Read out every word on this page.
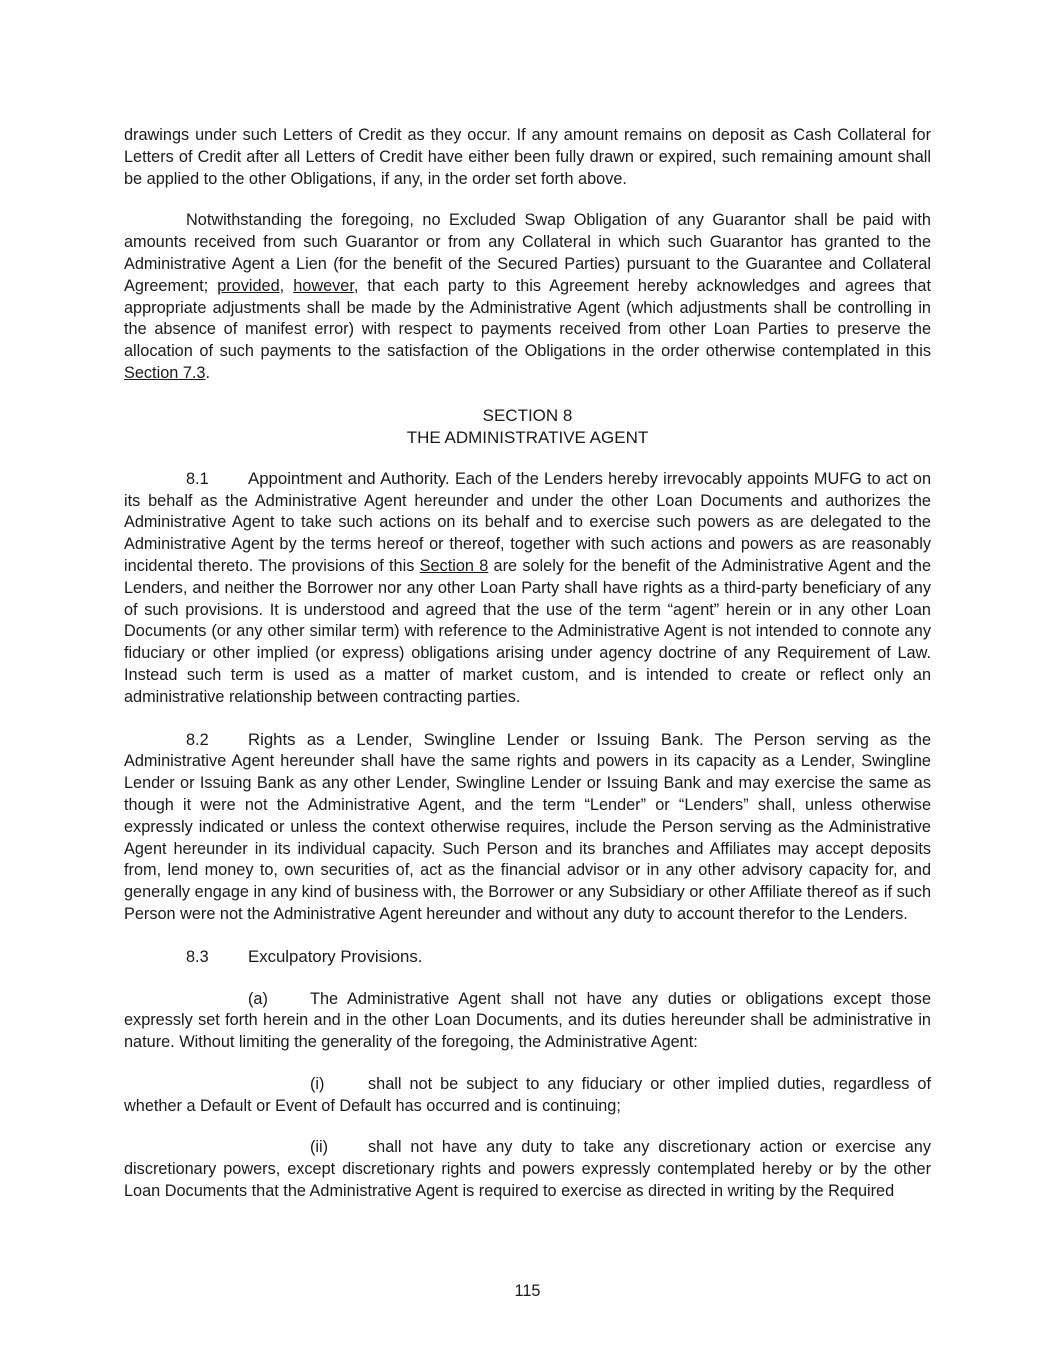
drawings under such Letters of Credit as they occur. If any amount remains on deposit as Cash Collateral for Letters of Credit after all Letters of Credit have either been fully drawn or expired, such remaining amount shall be applied to the other Obligations, if any, in the order set forth above.

Notwithstanding the foregoing, no Excluded Swap Obligation of any Guarantor shall be paid with amounts received from such Guarantor or from any Collateral in which such Guarantor has granted to the Administrative Agent a Lien (for the benefit of the Secured Parties) pursuant to the Guarantee and Collateral Agreement; provided, however, that each party to this Agreement hereby acknowledges and agrees that appropriate adjustments shall be made by the Administrative Agent (which adjustments shall be controlling in the absence of manifest error) with respect to payments received from other Loan Parties to preserve the allocation of such payments to the satisfaction of the Obligations in the order otherwise contemplated in this Section 7.3.

SECTION 8
THE ADMINISTRATIVE AGENT

8.1 Appointment and Authority. Each of the Lenders hereby irrevocably appoints MUFG to act on its behalf as the Administrative Agent hereunder and under the other Loan Documents and authorizes the Administrative Agent to take such actions on its behalf and to exercise such powers as are delegated to the Administrative Agent by the terms hereof or thereof, together with such actions and powers as are reasonably incidental thereto. The provisions of this Section 8 are solely for the benefit of the Administrative Agent and the Lenders, and neither the Borrower nor any other Loan Party shall have rights as a third-party beneficiary of any of such provisions. It is understood and agreed that the use of the term “agent” herein or in any other Loan Documents (or any other similar term) with reference to the Administrative Agent is not intended to connote any fiduciary or other implied (or express) obligations arising under agency doctrine of any Requirement of Law. Instead such term is used as a matter of market custom, and is intended to create or reflect only an administrative relationship between contracting parties.

8.2 Rights as a Lender, Swingline Lender or Issuing Bank. The Person serving as the Administrative Agent hereunder shall have the same rights and powers in its capacity as a Lender, Swingline Lender or Issuing Bank as any other Lender, Swingline Lender or Issuing Bank and may exercise the same as though it were not the Administrative Agent, and the term “Lender” or “Lenders” shall, unless otherwise expressly indicated or unless the context otherwise requires, include the Person serving as the Administrative Agent hereunder in its individual capacity. Such Person and its branches and Affiliates may accept deposits from, lend money to, own securities of, act as the financial advisor or in any other advisory capacity for, and generally engage in any kind of business with, the Borrower or any Subsidiary or other Affiliate thereof as if such Person were not the Administrative Agent hereunder and without any duty to account therefor to the Lenders.

8.3 Exculpatory Provisions.

(a)	The Administrative Agent shall not have any duties or obligations except those expressly set forth herein and in the other Loan Documents, and its duties hereunder shall be administrative in nature. Without limiting the generality of the foregoing, the Administrative Agent:

(i)	shall not be subject to any fiduciary or other implied duties, regardless of whether a Default or Event of Default has occurred and is continuing;

(ii) shall not have any duty to take any discretionary action or exercise any discretionary powers, except discretionary rights and powers expressly contemplated hereby or by the other Loan Documents that the Administrative Agent is required to exercise as directed in writing by the Required

115
